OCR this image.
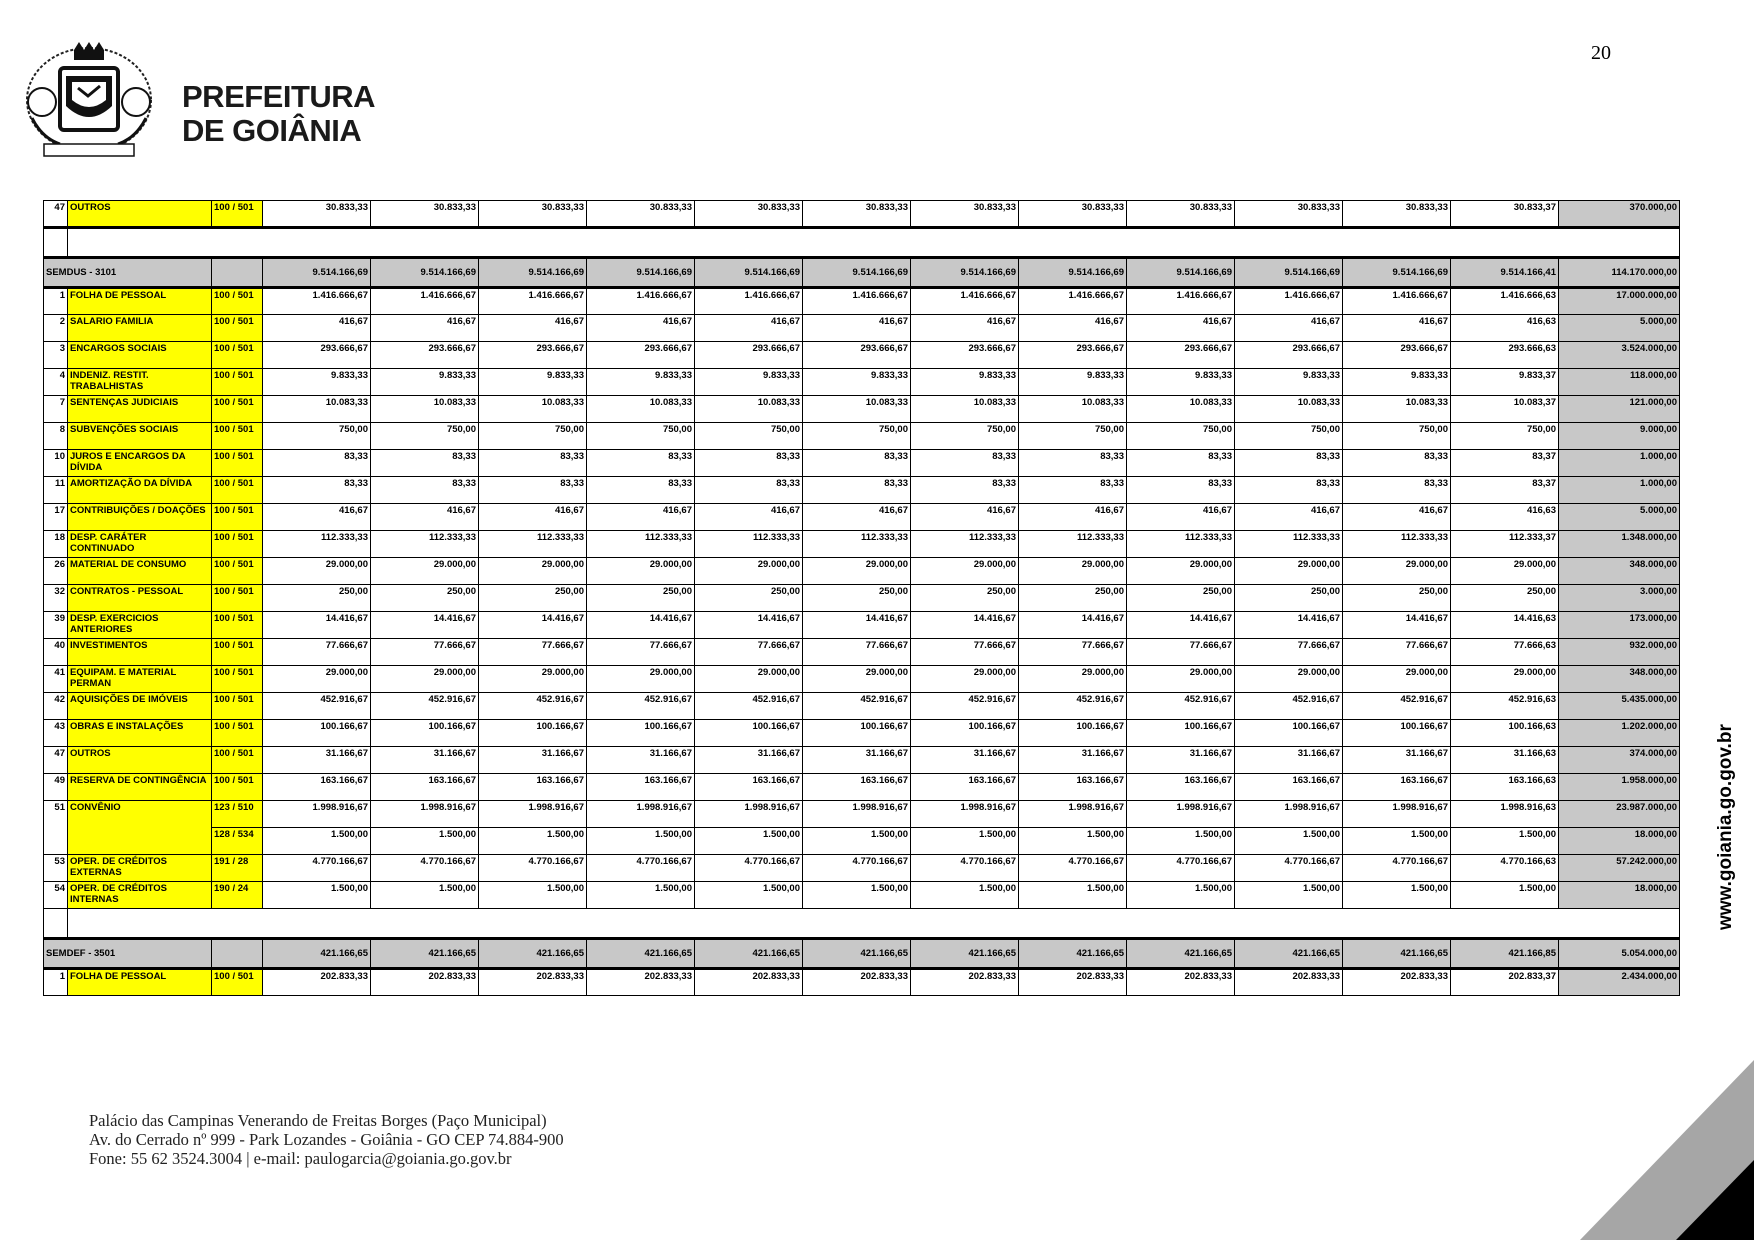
PREFEITURA
DE GOIÂNIA
20
47	OUTROS	100 / 501	30.833,33	30.833,33	30.833,33	30.833,33	30.833,33	30.833,33	30.833,33	30.833,33	30.833,33	30.833,33	30.833,33	30.833,37	370.000,00

SEMDUS - 3101			9.514.166,69	9.514.166,69	9.514.166,69	9.514.166,69	9.514.166,69	9.514.166,69	9.514.166,69	9.514.166,69	9.514.166,69	9.514.166,69	9.514.166,69	9.514.166,41	114.170.000,00
1	FOLHA DE PESSOAL	100 / 501	1.416.666,67	1.416.666,67	1.416.666,67	1.416.666,67	1.416.666,67	1.416.666,67	1.416.666,67	1.416.666,67	1.416.666,67	1.416.666,67	1.416.666,67	1.416.666,63	17.000.000,00
2	SALARIO FAMILIA	100 / 501	416,67	416,67	416,67	416,67	416,67	416,67	416,67	416,67	416,67	416,67	416,67	416,63	5.000,00
3	ENCARGOS SOCIAIS	100 / 501	293.666,67	293.666,67	293.666,67	293.666,67	293.666,67	293.666,67	293.666,67	293.666,67	293.666,67	293.666,67	293.666,67	293.666,63	3.524.000,00
4	INDENIZ. RESTIT. TRABALHISTAS	100 / 501	9.833,33	9.833,33	9.833,33	9.833,33	9.833,33	9.833,33	9.833,33	9.833,33	9.833,33	9.833,33	9.833,33	9.833,37	118.000,00
7	SENTENÇAS JUDICIAIS	100 / 501	10.083,33	10.083,33	10.083,33	10.083,33	10.083,33	10.083,33	10.083,33	10.083,33	10.083,33	10.083,33	10.083,33	10.083,37	121.000,00
8	SUBVENÇÕES SOCIAIS	100 / 501	750,00	750,00	750,00	750,00	750,00	750,00	750,00	750,00	750,00	750,00	750,00	750,00	9.000,00
10	JUROS E ENCARGOS DA DÍVIDA	100 / 501	83,33	83,33	83,33	83,33	83,33	83,33	83,33	83,33	83,33	83,33	83,33	83,37	1.000,00
11	AMORTIZAÇÃO DA DÍVIDA	100 / 501	83,33	83,33	83,33	83,33	83,33	83,33	83,33	83,33	83,33	83,33	83,33	83,37	1.000,00
17	CONTRIBUIÇÕES / DOAÇÕES	100 / 501	416,67	416,67	416,67	416,67	416,67	416,67	416,67	416,67	416,67	416,67	416,67	416,63	5.000,00
18	DESP. CARÁTER CONTINUADO	100 / 501	112.333,33	112.333,33	112.333,33	112.333,33	112.333,33	112.333,33	112.333,33	112.333,33	112.333,33	112.333,33	112.333,33	112.333,37	1.348.000,00
26	MATERIAL DE CONSUMO	100 / 501	29.000,00	29.000,00	29.000,00	29.000,00	29.000,00	29.000,00	29.000,00	29.000,00	29.000,00	29.000,00	29.000,00	29.000,00	348.000,00
32	CONTRATOS - PESSOAL	100 / 501	250,00	250,00	250,00	250,00	250,00	250,00	250,00	250,00	250,00	250,00	250,00	250,00	3.000,00
39	DESP. EXERCICIOS ANTERIORES	100 / 501	14.416,67	14.416,67	14.416,67	14.416,67	14.416,67	14.416,67	14.416,67	14.416,67	14.416,67	14.416,67	14.416,67	14.416,63	173.000,00
40	INVESTIMENTOS	100 / 501	77.666,67	77.666,67	77.666,67	77.666,67	77.666,67	77.666,67	77.666,67	77.666,67	77.666,67	77.666,67	77.666,67	77.666,63	932.000,00
41	EQUIPAM. E MATERIAL PERMAN	100 / 501	29.000,00	29.000,00	29.000,00	29.000,00	29.000,00	29.000,00	29.000,00	29.000,00	29.000,00	29.000,00	29.000,00	29.000,00	348.000,00
42	AQUISIÇÕES DE IMÓVEIS	100 / 501	452.916,67	452.916,67	452.916,67	452.916,67	452.916,67	452.916,67	452.916,67	452.916,67	452.916,67	452.916,67	452.916,67	452.916,63	5.435.000,00
43	OBRAS E INSTALAÇÕES	100 / 501	100.166,67	100.166,67	100.166,67	100.166,67	100.166,67	100.166,67	100.166,67	100.166,67	100.166,67	100.166,67	100.166,67	100.166,63	1.202.000,00
47	OUTROS	100 / 501	31.166,67	31.166,67	31.166,67	31.166,67	31.166,67	31.166,67	31.166,67	31.166,67	31.166,67	31.166,67	31.166,67	31.166,63	374.000,00
49	RESERVA DE CONTINGÊNCIA	100 / 501	163.166,67	163.166,67	163.166,67	163.166,67	163.166,67	163.166,67	163.166,67	163.166,67	163.166,67	163.166,67	163.166,67	163.166,63	1.958.000,00
51	CONVÊNIO	123 / 510	1.998.916,67	1.998.916,67	1.998.916,67	1.998.916,67	1.998.916,67	1.998.916,67	1.998.916,67	1.998.916,67	1.998.916,67	1.998.916,67	1.998.916,67	1.998.916,63	23.987.000,00
		128 / 534	1.500,00	1.500,00	1.500,00	1.500,00	1.500,00	1.500,00	1.500,00	1.500,00	1.500,00	1.500,00	1.500,00	1.500,00	18.000,00
53	OPER. DE CRÉDITOS EXTERNAS	191 / 28	4.770.166,67	4.770.166,67	4.770.166,67	4.770.166,67	4.770.166,67	4.770.166,67	4.770.166,67	4.770.166,67	4.770.166,67	4.770.166,67	4.770.166,67	4.770.166,63	57.242.000,00
54	OPER. DE CRÉDITOS INTERNAS	190 / 24	1.500,00	1.500,00	1.500,00	1.500,00	1.500,00	1.500,00	1.500,00	1.500,00	1.500,00	1.500,00	1.500,00	1.500,00	18.000,00

SEMDEF - 3501			421.166,65	421.166,65	421.166,65	421.166,65	421.166,65	421.166,65	421.166,65	421.166,65	421.166,65	421.166,65	421.166,65	421.166,85	5.054.000,00
1	FOLHA DE PESSOAL	100 / 501	202.833,33	202.833,33	202.833,33	202.833,33	202.833,33	202.833,33	202.833,33	202.833,33	202.833,33	202.833,33	202.833,33	202.833,37	2.434.000,00
Palácio das Campinas Venerando de Freitas Borges (Paço Municipal)
Av. do Cerrado nº 999 - Park Lozandes - Goiânia - GO CEP 74.884-900
Fone: 55 62 3524.3004 | e-mail: paulogarcia@goiania.go.gov.br
www.goiania.go.gov.br
